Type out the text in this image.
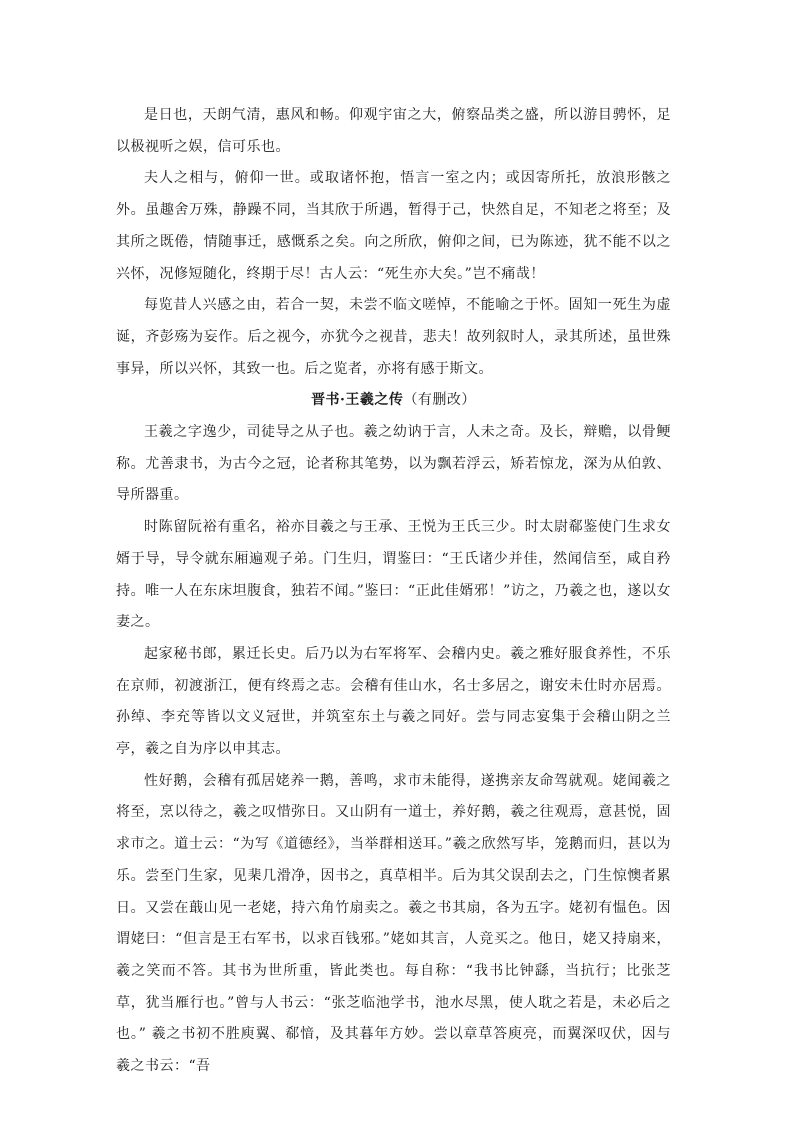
是日也，天朗气清，惠风和畅。仰观宇宙之大，俯察品类之盛，所以游目骋怀，足以极视听之娱，信可乐也。

夫人之相与，俯仰一世。或取诸怀抱，悟言一室之内；或因寄所托，放浪形骸之外。虽趣舍万殊，静躁不同，当其欣于所遇，暂得于己，快然自足，不知老之将至；及其所之既倦，情随事迁，感慨系之矣。向之所欣，俯仰之间，已为陈迹，犹不能不以之兴怀，况修短随化，终期于尽！古人云：“死生亦大矣。”岂不痛哉！

每览昔人兴感之由，若合一契，未尝不临文嗟悼，不能喻之于怀。固知一死生为虚诞，齐彭殇为妄作。后之视今，亦犹今之视昔，悲夫！故列叙时人，录其所述，虽世殊事异，所以兴怀，其致一也。后之览者，亦将有感于斯文。

晋书·王羲之传（有删改）

王羲之字逸少，司徒导之从子也。羲之幼讷于言，人未之奇。及长，辩赡，以骨鲠称。尤善隶书，为古今之冠，论者称其笔势，以为飘若浮云，矫若惊龙，深为从伯敦、导所器重。

时陈留阮裕有重名，裕亦目羲之与王承、王悦为王氏三少。时太尉郗鉴使门生求女婿于导，导令就东厢遍观子弟。门生归，谓鉴曰：“王氏诸少并佳，然闻信至，咸自矜持。唯一人在东床坦腹食，独若不闻。”鉴曰：“正此佳婿邪！”访之，乃羲之也，遂以女妻之。

起家秘书郎，累迁长史。后乃以为右军将军、会稽内史。羲之雅好服食养性，不乐在京师，初渡浙江，便有终焉之志。会稽有佳山水，名士多居之，谢安未仕时亦居焉。孙绰、李充等皆以文义冠世，并筑室东土与羲之同好。尝与同志宴集于会稽山阴之兰亭，羲之自为序以申其志。

性好鹅，会稽有孤居姥养一鹅，善鸣，求市未能得，遂携亲友命驾就观。姥闻羲之将至，烹以待之，羲之叹惜弥日。又山阴有一道士，养好鹅，羲之往观焉，意甚悦，固求市之。道士云：“为写《道德经》，当举群相送耳。”羲之欣然写毕，笼鹅而归，甚以为乐。尝至门生家，见棐几滑净，因书之，真草相半。后为其父误刮去之，门生惊懊者累日。又尝在蕺山见一老姥，持六角竹扇卖之。羲之书其扇，各为五字。姥初有愠色。因谓姥曰：“但言是王右军书，以求百钱邪。”姥如其言，人竞买之。他日，姥又持扇来，羲之笑而不答。其书为世所重，皆此类也。每自称：“我书比钟繇，当抗行；比张芝草，犹当雁行也。”曾与人书云：“张芝临池学书，池水尽黑，使人耽之若是，未必后之也。” 羲之书初不胜庾翼、郗愔，及其暮年方妙。尝以章草答庾亮，而翼深叹伏，因与羲之书云：“吾
